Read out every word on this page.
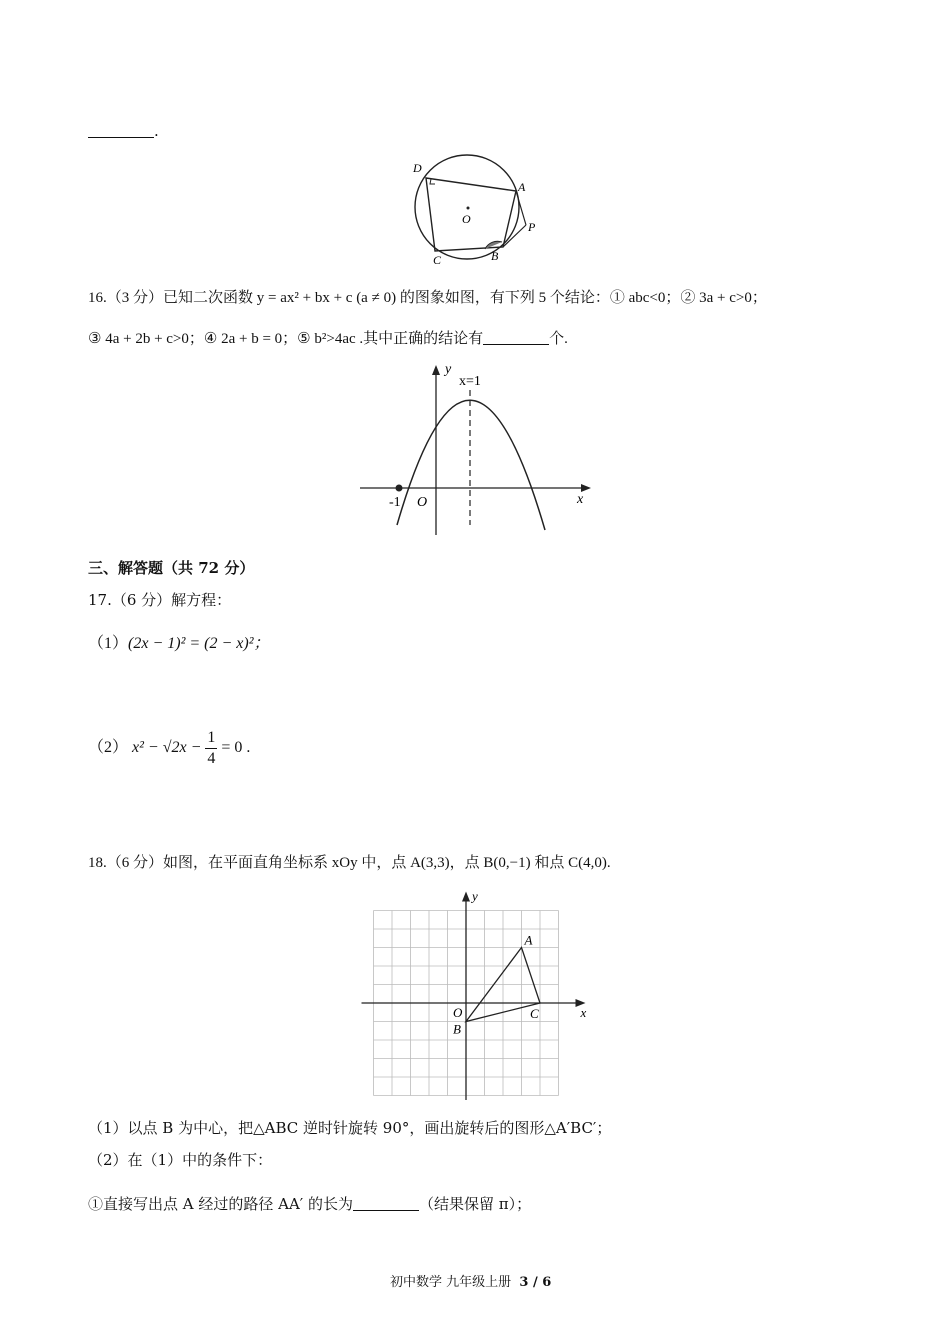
.
D
A
O
P
C	B
16.（3 分）已知二次函数 y = ax² + bx + c (a ≠ 0) 的图象如图，有下列 5 个结论：① abc<0；② 3a + c>0；
③ 4a + 2b + c>0；④ 2a + b = 0；⑤ b²>4ac .其中正确的结论有	个.
y
x
x=1
-1 O
三、解答题（共 72 分）
17.（6 分）解方程：
（1）(2x − 1)² = (2 − x)²；
（2） $x^2 - √2x - \frac{1}{4} = 0$ .
18.（6 分）如图，在平面直角坐标系 xOy 中，点 A(3,3)，点 B(0,−1) 和点 C(4,0).
y
x
A
O
B
C
（1）以点 B 为中心，把△ABC 逆时针旋转 90°，画出旋转后的图形△A′BC′；
（2）在（1）中的条件下：
①直接写出点 A 经过的路径 AA′ 的长为	（结果保留 π）；
初中数学 九年级上册 3 / 6
